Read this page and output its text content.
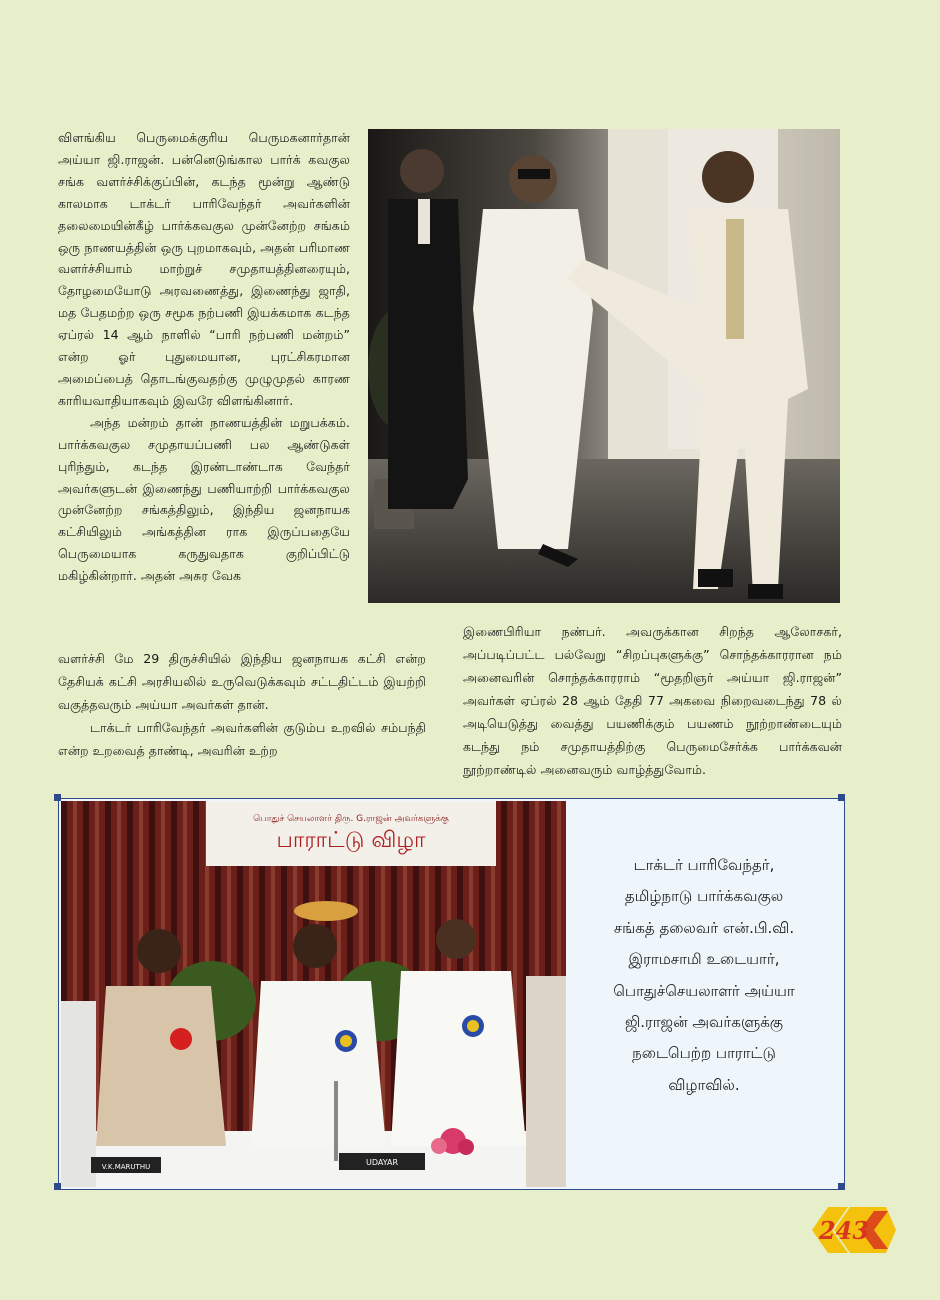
விளங்கிய பெருமைக்குரிய பெருமகனார்தான் அய்யா ஜி.ராஜன். பன்னெடுங்கால பார்க் கவகுல சங்க வளர்ச்சிக்குப்பின், கடந்த மூன்று ஆண்டு காலமாக டாக்டர் பாரிவேந்தர் அவர்களின் தலைமையின்கீழ் பார்க்கவகுல முன்னேற்ற சங்கம் ஒரு நாணயத்தின் ஒரு புறமாகவும், அதன் பரிமாண வளர்ச்சியாம் மாற்றுச் சமுதாயத்தினரையும், தோழமையோடு அரவணைத்து, இணைந்து ஜாதி, மத பேதமற்ற ஒரு சமூக நற்பணி இயக்கமாக கடந்த ஏப்ரல் 14 ஆம் நாளில் “பாரி நற்பணி மன்றம்” என்ற ஓர் புதுமையான, புரட்சிகரமான அமைப்பைத் தொடங்குவதற்கு முழுமுதல் காரண காரியவாதியாகவும் இவரே விளங்கினார்.

அந்த மன்றம் தான் நாணயத்தின் மறுபக்கம். பார்க்கவகுல சமுதாயப்பணி பல ஆண்டுகள் புரிந்தும், கடந்த இரண்டாண்டாக வேந்தர் அவர்களுடன் இணைந்து பணியாற்றி பார்க்கவகுல முன்னேற்ற சங்கத்திலும், இந்திய ஜனநாயக கட்சியிலும் அங்கத்தின ராக இருப்பதையே பெருமையாக கருதுவதாக குறிப்பிட்டு மகிழ்கின்றார். அதன் அசுர வேக

வளர்ச்சி மே 29 திருச்சியில் இந்திய ஜனநாயக கட்சி என்ற தேசியக் கட்சி அரசியலில் உருவெடுக்கவும் சட்டதிட்டம் இயற்றி வகுத்தவரும் அய்யா அவர்கள் தான்.

டாக்டர் பாரிவேந்தர் அவர்களின் குடும்ப உறவில் சம்பந்தி என்ற உறவைத் தாண்டி, அவரின் உற்ற

இணைபிரியா நண்பர். அவருக்கான சிறந்த ஆலோசகர், அப்படிப்பட்ட பல்வேறு “சிறப்புகளுக்கு” சொந்தக்காரரான நம் அனைவரின் சொந்தக்காரராம் “மூதறிஞர் அய்யா ஜி.ராஜன்” அவர்கள் ஏப்ரல் 28 ஆம் தேதி 77 அகவை நிறைவடைந்து 78 ல் அடியெடுத்து வைத்து பயணிக்கும் பயணம் நூற்றாண்டையும் கடந்து நம் சமுதாயத்திற்கு பெருமைசேர்க்க பார்க்கவன் நூற்றாண்டில் அனைவரும் வாழ்த்துவோம்.

பொதுச் செயலாளர் திரு. G.ராஜன் அவர்களுக்கு
பாராட்டு விழா
V.K.MARUTHU	UDAYAR
டாக்டர் பாரிவேந்தர்,
தமிழ்நாடு பார்க்கவகுல
சங்கத் தலைவர் என்.பி.வி.
இராமசாமி உடையார்,
பொதுச்செயலாளர் அய்யா
ஜி.ராஜன் அவர்களுக்கு
நடைபெற்ற பாராட்டு
விழாவில்.
243
